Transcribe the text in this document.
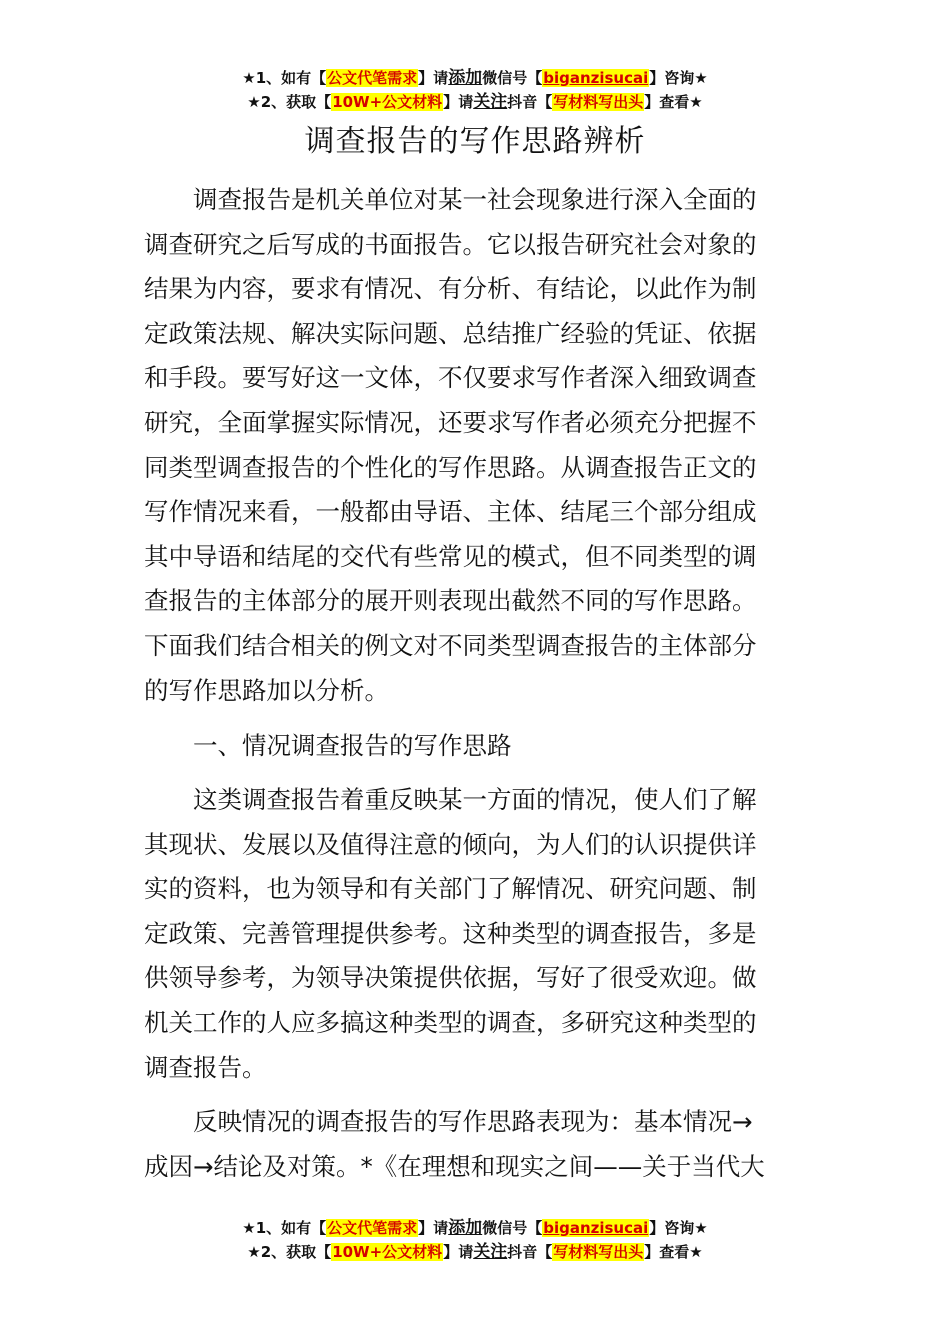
★1、如有【公文代笔需求】请添加微信号【biganzisucai】咨询★
★2、获取【10W+公文材料】请关注抖音【写材料写出头】查看★
调查报告的写作思路辨析
调查报告是机关单位对某一社会现象进行深入全面的
调查研究之后写成的书面报告。它以报告研究社会对象的
结果为内容，要求有情况、有分析、有结论，以此作为制
定政策法规、解决实际问题、总结推广经验的凭证、依据
和手段。要写好这一文体，不仅要求写作者深入细致调查
研究，全面掌握实际情况，还要求写作者必须充分把握不
同类型调查报告的个性化的写作思路。从调查报告正文的
写作情况来看，一般都由导语、主体、结尾三个部分组成
其中导语和结尾的交代有些常见的模式，但不同类型的调
查报告的主体部分的展开则表现出截然不同的写作思路。
下面我们结合相关的例文对不同类型调查报告的主体部分
的写作思路加以分析。
一、情况调查报告的写作思路
这类调查报告着重反映某一方面的情况，使人们了解
其现状、发展以及值得注意的倾向，为人们的认识提供详
实的资料，也为领导和有关部门了解情况、研究问题、制
定政策、完善管理提供参考。这种类型的调查报告，多是
供领导参考，为领导决策提供依据，写好了很受欢迎。做
机关工作的人应多搞这种类型的调查，多研究这种类型的
调查报告。
反映情况的调查报告的写作思路表现为：基本情况→
成因→结论及对策。*《在理想和现实之间——关于当代大
★1、如有【公文代笔需求】请添加微信号【biganzisucai】咨询★
★2、获取【10W+公文材料】请关注抖音【写材料写出头】查看★
